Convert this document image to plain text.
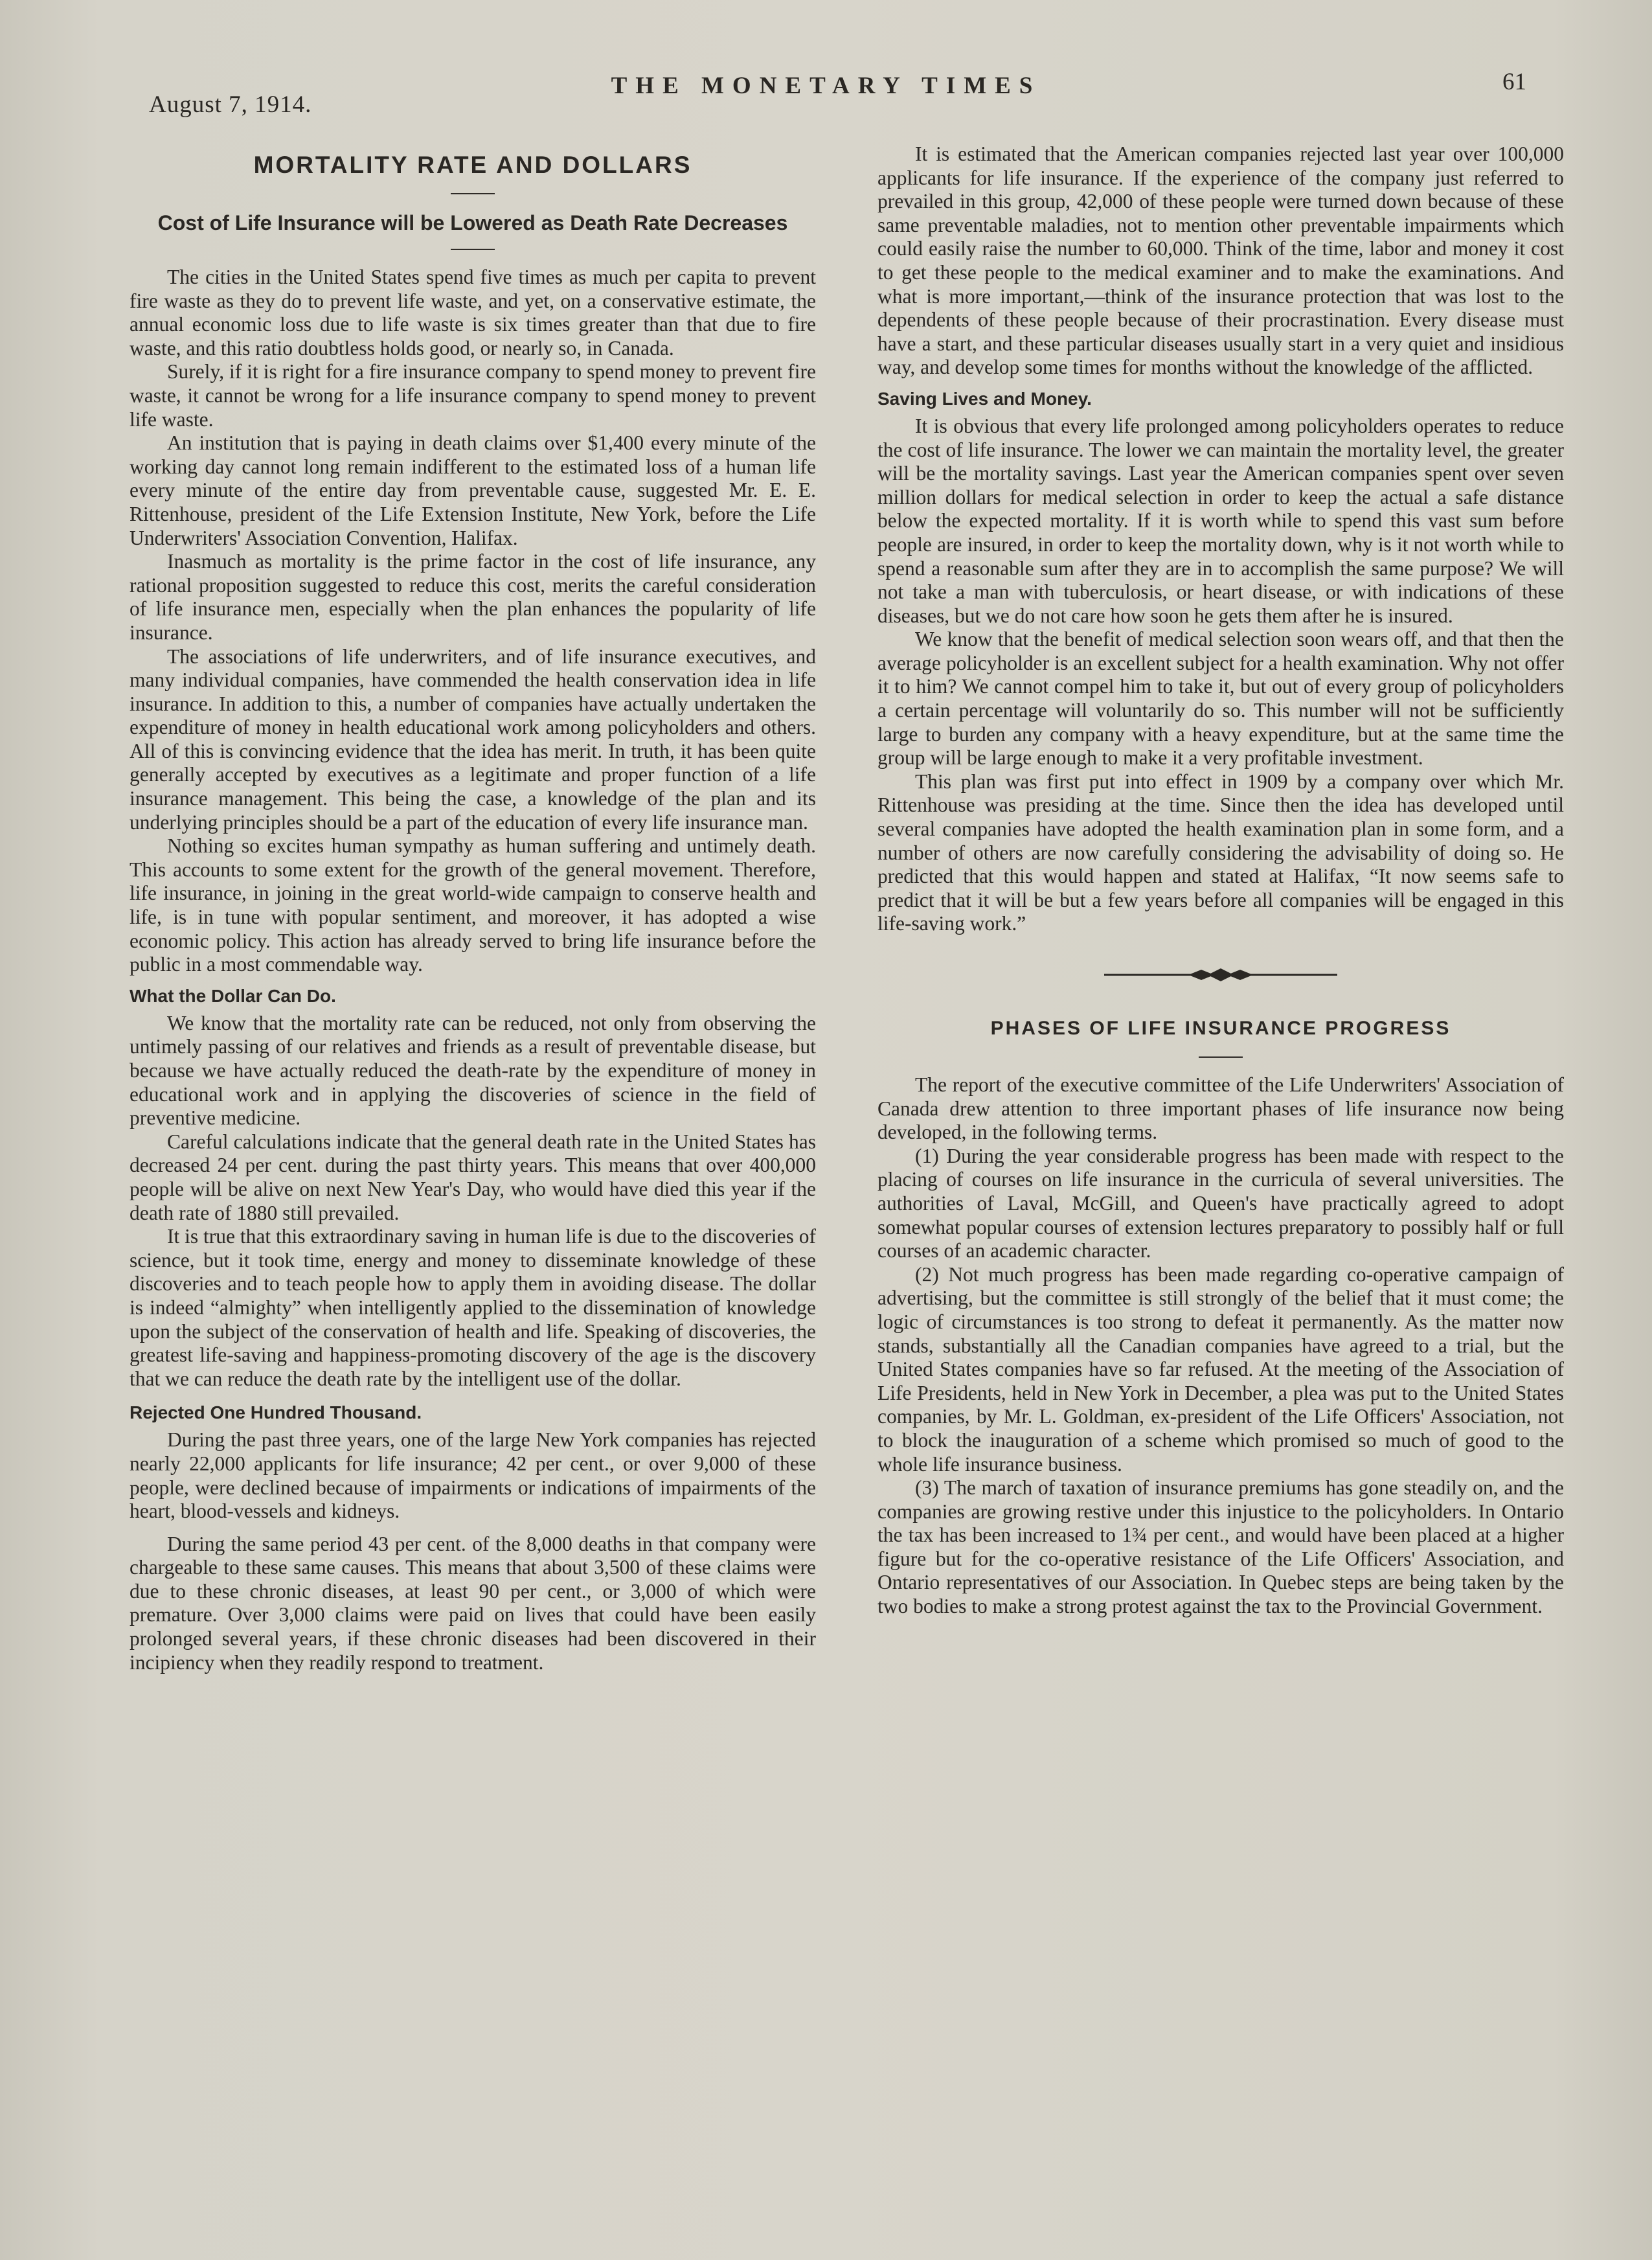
August 7, 1914.
THE MONETARY TIMES	61
MORTALITY RATE AND DOLLARS
Cost of Life Insurance will be Lowered as Death Rate Decreases

The cities in the United States spend five times as much per capita to prevent fire waste as they do to prevent life waste, and yet, on a conservative estimate, the annual economic loss due to life waste is six times greater than that due to fire waste, and this ratio doubtless holds good, or nearly so, in Canada.

Surely, if it is right for a fire insurance company to spend money to prevent fire waste, it cannot be wrong for a life insurance company to spend money to prevent life waste.

An institution that is paying in death claims over $1,400 every minute of the working day cannot long remain indifferent to the estimated loss of a human life every minute of the entire day from preventable cause, suggested Mr. E. E. Rittenhouse, president of the Life Extension Institute, New York, before the Life Underwriters' Association Convention, Halifax.

Inasmuch as mortality is the prime factor in the cost of life insurance, any rational proposition suggested to reduce this cost, merits the careful consideration of life insurance men, especially when the plan enhances the popularity of life insurance.

The associations of life underwriters, and of life insurance executives, and many individual companies, have commended the health conservation idea in life insurance. In addition to this, a number of companies have actually undertaken the expenditure of money in health educational work among policyholders and others. All of this is convincing evidence that the idea has merit. In truth, it has been quite generally accepted by executives as a legitimate and proper function of a life insurance management. This being the case, a knowledge of the plan and its underlying principles should be a part of the education of every life insurance man.

Nothing so excites human sympathy as human suffering and untimely death. This accounts to some extent for the growth of the general movement. Therefore, life insurance, in joining in the great world-wide campaign to conserve health and life, is in tune with popular sentiment, and moreover, it has adopted a wise economic policy. This action has already served to bring life insurance before the public in a most commendable way.

What the Dollar Can Do.

We know that the mortality rate can be reduced, not only from observing the untimely passing of our relatives and friends as a result of preventable disease, but because we have actually reduced the death-rate by the expenditure of money in educational work and in applying the discoveries of science in the field of preventive medicine.

Careful calculations indicate that the general death rate in the United States has decreased 24 per cent. during the past thirty years. This means that over 400,000 people will be alive on next New Year's Day, who would have died this year if the death rate of 1880 still prevailed.

It is true that this extraordinary saving in human life is due to the discoveries of science, but it took time, energy and money to disseminate knowledge of these discoveries and to teach people how to apply them in avoiding disease. The dollar is indeed “almighty” when intelligently applied to the dissemination of knowledge upon the subject of the conservation of health and life. Speaking of discoveries, the greatest life-saving and happiness-promoting discovery of the age is the discovery that we can reduce the death rate by the intelligent use of the dollar.

Rejected One Hundred Thousand.

During the past three years, one of the large New York companies has rejected nearly 22,000 applicants for life insurance; 42 per cent., or over 9,000 of these people, were declined because of impairments or indications of impairments of the heart, blood-vessels and kidneys.

During the same period 43 per cent. of the 8,000 deaths in that company were chargeable to these same causes. This means that about 3,500 of these claims were due to these chronic diseases, at least 90 per cent., or 3,000 of which were premature. Over 3,000 claims were paid on lives that could have been easily prolonged several years, if these chronic diseases had been discovered in their incipiency when they readily respond to treatment.

It is estimated that the American companies rejected last year over 100,000 applicants for life insurance. If the experience of the company just referred to prevailed in this group, 42,000 of these people were turned down because of these same preventable maladies, not to mention other preventable impairments which could easily raise the number to 60,000. Think of the time, labor and money it cost to get these people to the medical examiner and to make the examinations. And what is more important,—think of the insurance protection that was lost to the dependents of these people because of their procrastination. Every disease must have a start, and these particular diseases usually start in a very quiet and insidious way, and develop some times for months without the knowledge of the afflicted.

Saving Lives and Money.

It is obvious that every life prolonged among policyholders operates to reduce the cost of life insurance. The lower we can maintain the mortality level, the greater will be the mortality savings. Last year the American companies spent over seven million dollars for medical selection in order to keep the actual a safe distance below the expected mortality. If it is worth while to spend this vast sum before people are insured, in order to keep the mortality down, why is it not worth while to spend a reasonable sum after they are in to accomplish the same purpose? We will not take a man with tuberculosis, or heart disease, or with indications of these diseases, but we do not care how soon he gets them after he is insured.

We know that the benefit of medical selection soon wears off, and that then the average policyholder is an excellent subject for a health examination. Why not offer it to him? We cannot compel him to take it, but out of every group of policyholders a certain percentage will voluntarily do so. This number will not be sufficiently large to burden any company with a heavy expenditure, but at the same time the group will be large enough to make it a very profitable investment.

This plan was first put into effect in 1909 by a company over which Mr. Rittenhouse was presiding at the time. Since then the idea has developed until several companies have adopted the health examination plan in some form, and a number of others are now carefully considering the advisability of doing so. He predicted that this would happen and stated at Halifax, “It now seems safe to predict that it will be but a few years before all companies will be engaged in this life-saving work.”

PHASES OF LIFE INSURANCE PROGRESS

The report of the executive committee of the Life Underwriters' Association of Canada drew attention to three important phases of life insurance now being developed, in the following terms.

(1) During the year considerable progress has been made with respect to the placing of courses on life insurance in the curricula of several universities. The authorities of Laval, McGill, and Queen's have practically agreed to adopt somewhat popular courses of extension lectures preparatory to possibly half or full courses of an academic character.

(2) Not much progress has been made regarding co-operative campaign of advertising, but the committee is still strongly of the belief that it must come; the logic of circumstances is too strong to defeat it permanently. As the matter now stands, substantially all the Canadian companies have agreed to a trial, but the United States companies have so far refused. At the meeting of the Association of Life Presidents, held in New York in December, a plea was put to the United States companies, by Mr. L. Goldman, ex-president of the Life Officers' Association, not to block the inauguration of a scheme which promised so much of good to the whole life insurance business.

(3) The march of taxation of insurance premiums has gone steadily on, and the companies are growing restive under this injustice to the policyholders. In Ontario the tax has been increased to 1¾ per cent., and would have been placed at a higher figure but for the co-operative resistance of the Life Officers' Association, and Ontario representatives of our Association. In Quebec steps are being taken by the two bodies to make a strong protest against the tax to the Provincial Government.
